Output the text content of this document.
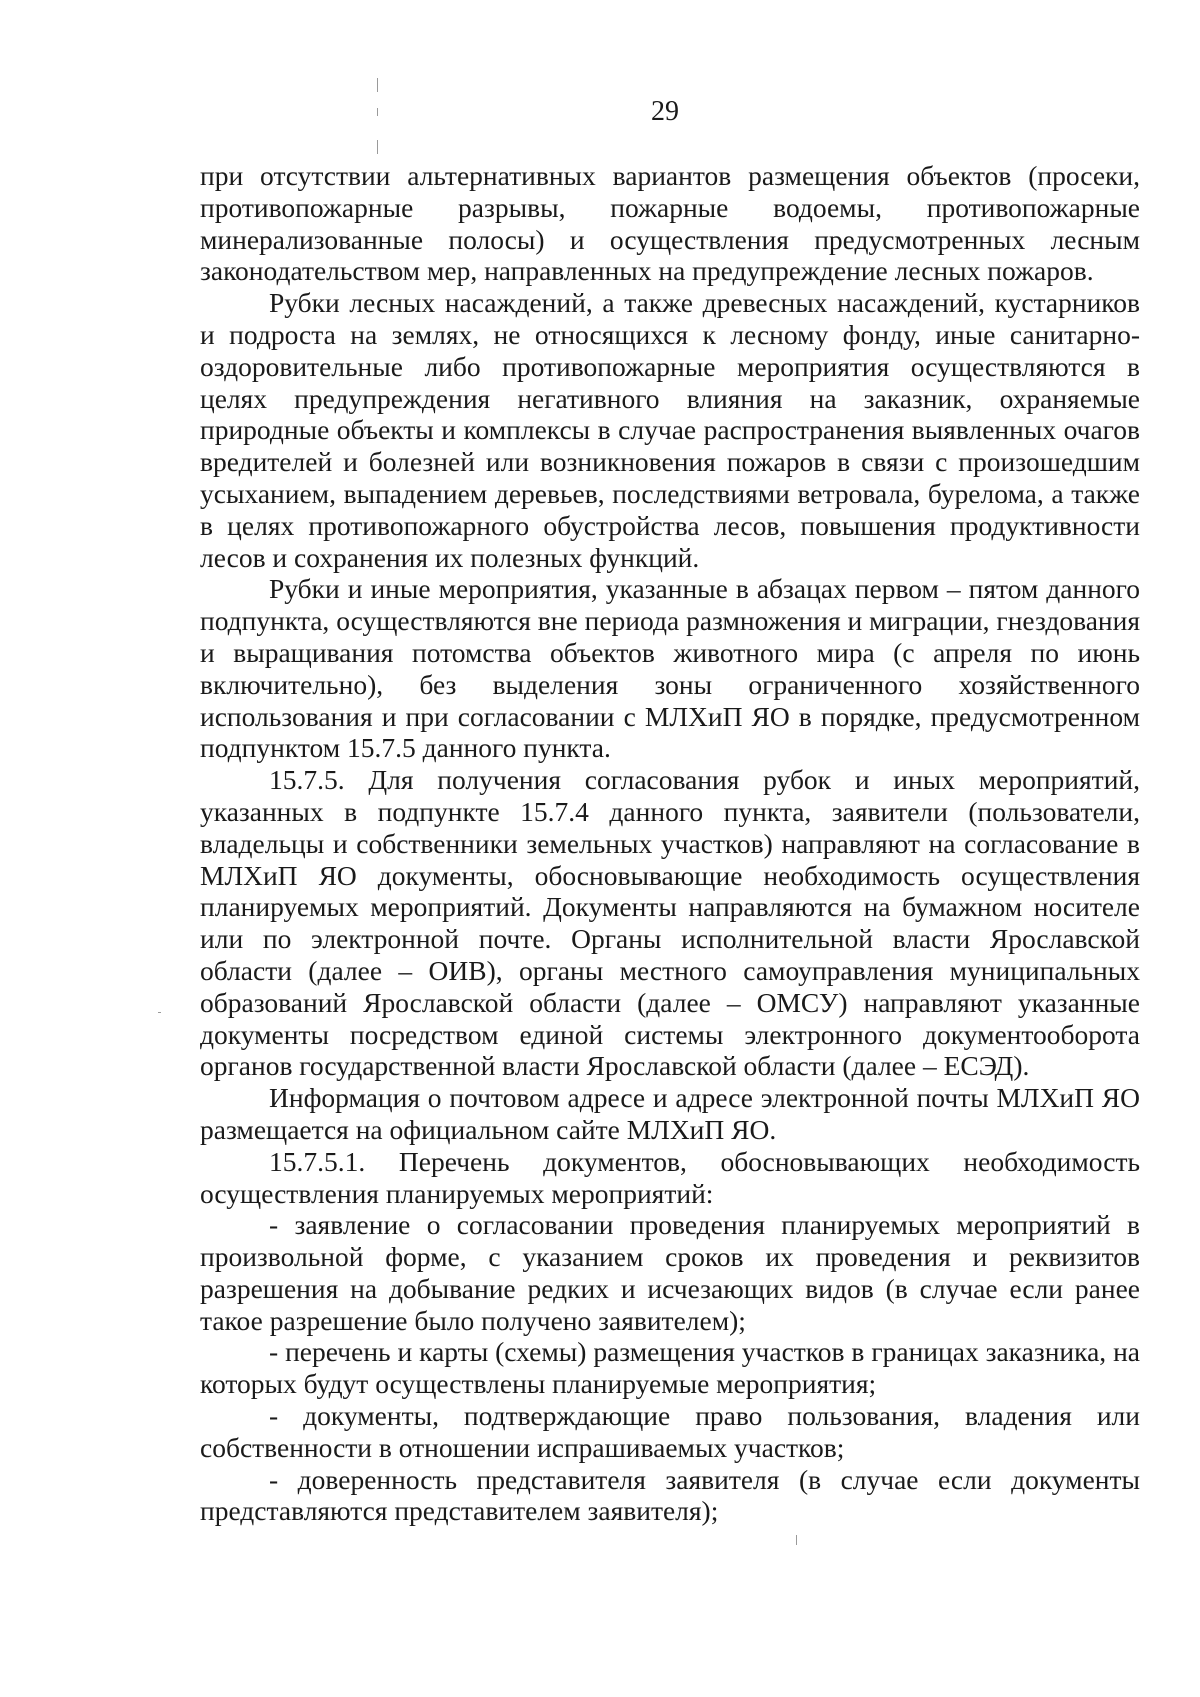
29

при отсутствии альтернативных вариантов размещения объектов (просеки, противопожарные разрывы, пожарные водоемы, противопожарные минерализованные полосы) и осуществления предусмотренных лесным законодательством мер, направленных на предупреждение лесных пожаров.

Рубки лесных насаждений, а также древесных насаждений, кустарников и подроста на землях, не относящихся к лесному фонду, иные санитарно-оздоровительные либо противопожарные мероприятия осуществляются в целях предупреждения негативного влияния на заказник, охраняемые природные объекты и комплексы в случае распространения выявленных очагов вредителей и болезней или возникновения пожаров в связи с произошедшим усыханием, выпадением деревьев, последствиями ветровала, бурелома, а также в целях противопожарного обустройства лесов, повышения продуктивности лесов и сохранения их полезных функций.

Рубки и иные мероприятия, указанные в абзацах первом – пятом данного подпункта, осуществляются вне периода размножения и миграции, гнездования и выращивания потомства объектов животного мира (с апреля по июнь включительно), без выделения зоны ограниченного хозяйственного использования и при согласовании с МЛХиП ЯО в порядке, предусмотренном подпунктом 15.7.5 данного пункта.

15.7.5. Для получения согласования рубок и иных мероприятий, указанных в подпункте 15.7.4 данного пункта, заявители (пользователи, владельцы и собственники земельных участков) направляют на согласование в МЛХиП ЯО документы, обосновывающие необходимость осуществления планируемых мероприятий. Документы направляются на бумажном носителе или по электронной почте. Органы исполнительной власти Ярославской области (далее – ОИВ), органы местного самоуправления муниципальных образований Ярославской области (далее – ОМСУ) направляют указанные документы посредством единой системы электронного документооборота органов государственной власти Ярославской области (далее – ЕСЭД).

Информация о почтовом адресе и адресе электронной почты МЛХиП ЯО размещается на официальном сайте МЛХиП ЯО.

15.7.5.1. Перечень документов, обосновывающих необходимость осуществления планируемых мероприятий:

- заявление о согласовании проведения планируемых мероприятий в произвольной форме, с указанием сроков их проведения и реквизитов разрешения на добывание редких и исчезающих видов (в случае если ранее такое разрешение было получено заявителем);

- перечень и карты (схемы) размещения участков в границах заказника, на которых будут осуществлены планируемые мероприятия;

- документы, подтверждающие право пользования, владения или собственности в отношении испрашиваемых участков;

- доверенность представителя заявителя (в случае если документы представляются представителем заявителя);
